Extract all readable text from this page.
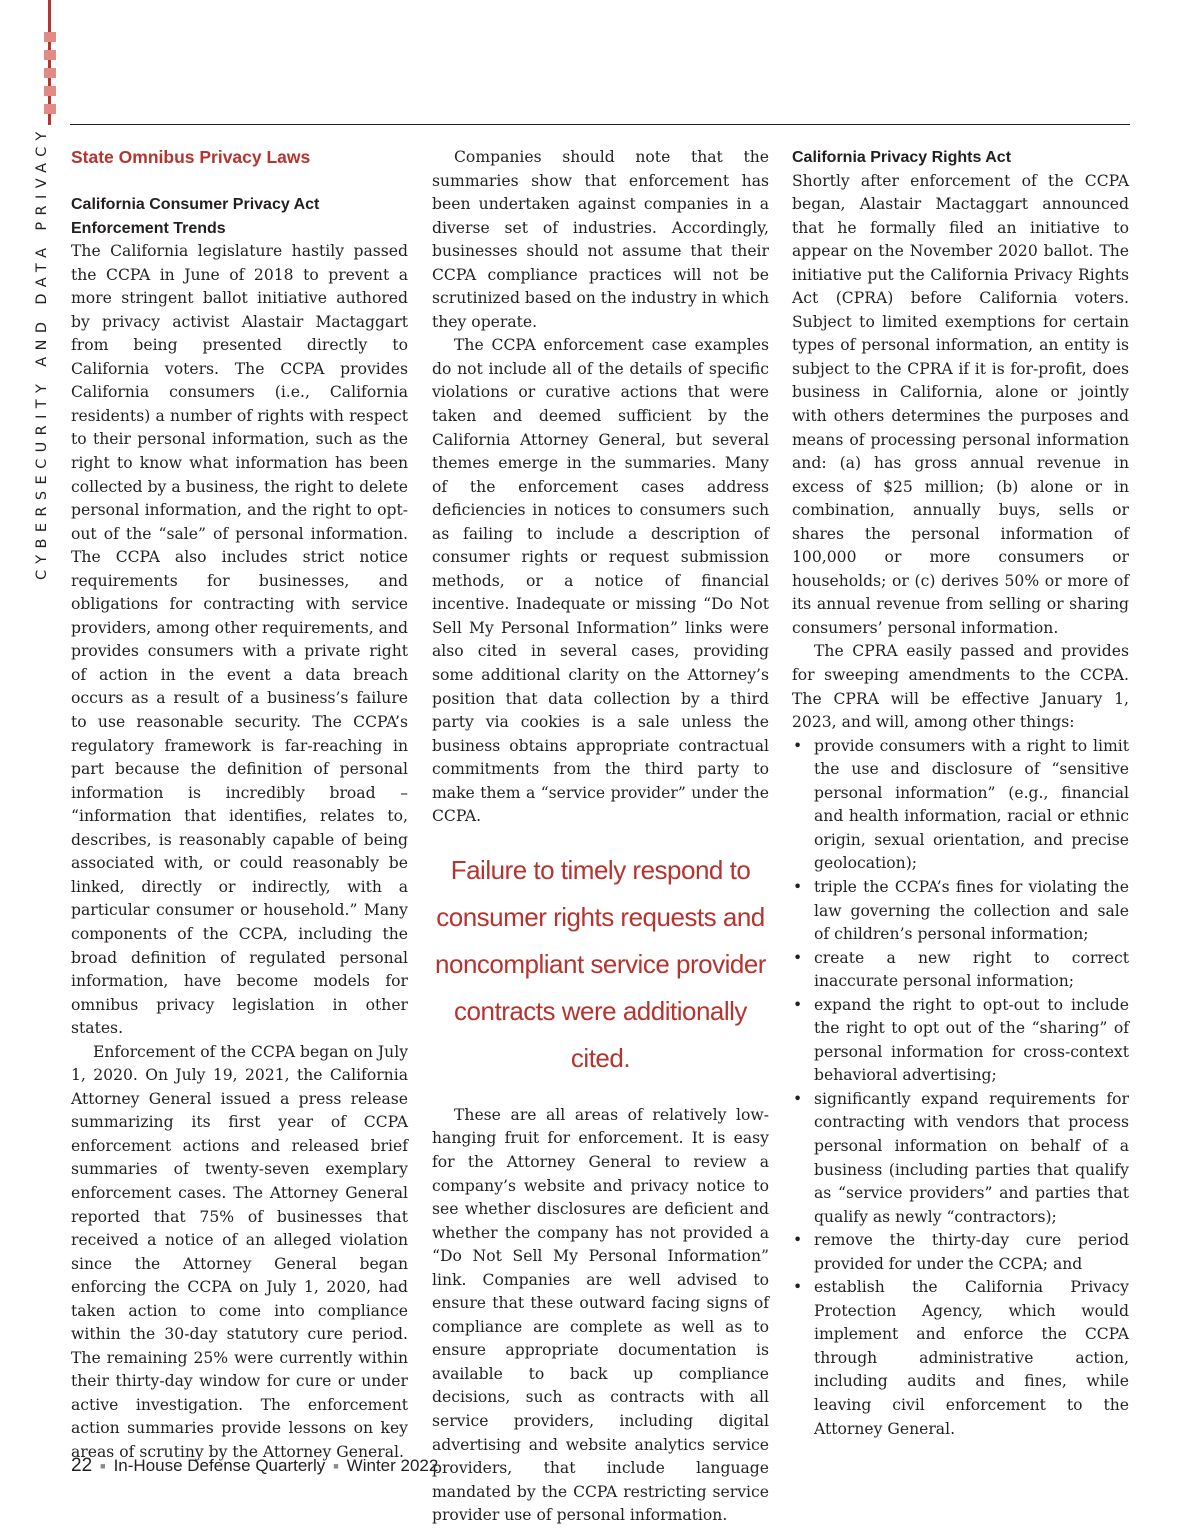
CYBERSECURITY AND DATA PRIVACY State Omnibus Privacy Laws

California Consumer Privacy Act Enforcement Trends

The California legislature hastily passed the CCPA in June of 2018 to prevent a more stringent ballot initiative authored by privacy activist Alastair Mactaggart from being presented directly to California voters. The CCPA provides California consumers (i.e., California residents) a number of rights with respect to their personal information, such as the right to know what information has been collected by a business, the right to delete personal information, and the right to opt-out of the “sale” of personal information. The CCPA also includes strict notice requirements for businesses, and obligations for contracting with service providers, among other requirements, and provides consumers with a private right of action in the event a data breach occurs as a result of a business’s failure to use reasonable security. The CCPA’s regulatory framework is far-reaching in part because the definition of personal information is incredibly broad – “information that identifies, relates to, describes, is reasonably capable of being associated with, or could reasonably be linked, directly or indirectly, with a particular consumer or household.” Many components of the CCPA, including the broad definition of regulated personal information, have become models for omnibus privacy legislation in other states.

Enforcement of the CCPA began on July 1, 2020. On July 19, 2021, the California Attorney General issued a press release summarizing its first year of CCPA enforcement actions and released brief summaries of twenty-seven exemplary enforcement cases. The Attorney General reported that 75% of businesses that received a notice of an alleged violation since the Attorney General began enforcing the CCPA on July 1, 2020, had taken action to come into compliance within the 30-day statutory cure period. The remaining 25% were currently within their thirty-day window for cure or under active investigation. The enforcement action summaries provide lessons on key areas of scrutiny by the Attorney General.

Companies should note that the summaries show that enforcement has been undertaken against companies in a diverse set of industries. Accordingly, businesses should not assume that their CCPA compliance practices will not be scrutinized based on the industry in which they operate.

The CCPA enforcement case examples do not include all of the details of specific violations or curative actions that were taken and deemed sufficient by the California Attorney General, but several themes emerge in the summaries. Many of the enforcement cases address deficiencies in notices to consumers such as failing to include a description of consumer rights or request submission methods, or a notice of financial incentive. Inadequate or missing “Do Not Sell My Personal Information” links were also cited in several cases, providing some additional clarity on the Attorney’s position that data collection by a third party via cookies is a sale unless the business obtains appropriate contractual commitments from the third party to make them a “service provider” under the CCPA.

Failure to timely respond to consumer rights requests and noncompliant service provider contracts were additionally cited.

These are all areas of relatively low-hanging fruit for enforcement. It is easy for the Attorney General to review a company’s website and privacy notice to see whether disclosures are deficient and whether the company has not provided a “Do Not Sell My Personal Information” link. Companies are well advised to ensure that these outward facing signs of compliance are complete as well as to ensure appropriate documentation is available to back up compliance decisions, such as contracts with all service providers, including digital advertising and website analytics service providers, that include language mandated by the CCPA restricting service provider use of personal information.

California Privacy Rights Act

Shortly after enforcement of the CCPA began, Alastair Mactaggart announced that he formally filed an initiative to appear on the November 2020 ballot. The initiative put the California Privacy Rights Act (CPRA) before California voters. Subject to limited exemptions for certain types of personal information, an entity is subject to the CPRA if it is for-profit, does business in California, alone or jointly with others determines the purposes and means of processing personal information and: (a) has gross annual revenue in excess of $25 million; (b) alone or in combination, annually buys, sells or shares the personal information of 100,000 or more consumers or households; or (c) derives 50% or more of its annual revenue from selling or sharing consumers’ personal information.

The CPRA easily passed and provides for sweeping amendments to the CCPA. The CPRA will be effective January 1, 2023, and will, among other things:

• provide consumers with a right to limit the use and disclosure of “sensitive personal information” (e.g., financial and health information, racial or ethnic origin, sexual orientation, and precise geolocation);
• triple the CCPA’s fines for violating the law governing the collection and sale of children’s personal information;
• create a new right to correct inaccurate personal information;
• expand the right to opt-out to include the right to opt out of the “sharing” of personal information for cross-context behavioral advertising;
• significantly expand requirements for contracting with vendors that process personal information on behalf of a business (including parties that qualify as “service providers” and parties that qualify as newly “contractors);
• remove the thirty-day cure period provided for under the CCPA; and
• establish the California Privacy Protection Agency, which would implement and enforce the CCPA through administrative action, including audits and fines, while leaving civil enforcement to the Attorney General.
22 ■ In-House Defense Quarterly ■ Winter 2022
